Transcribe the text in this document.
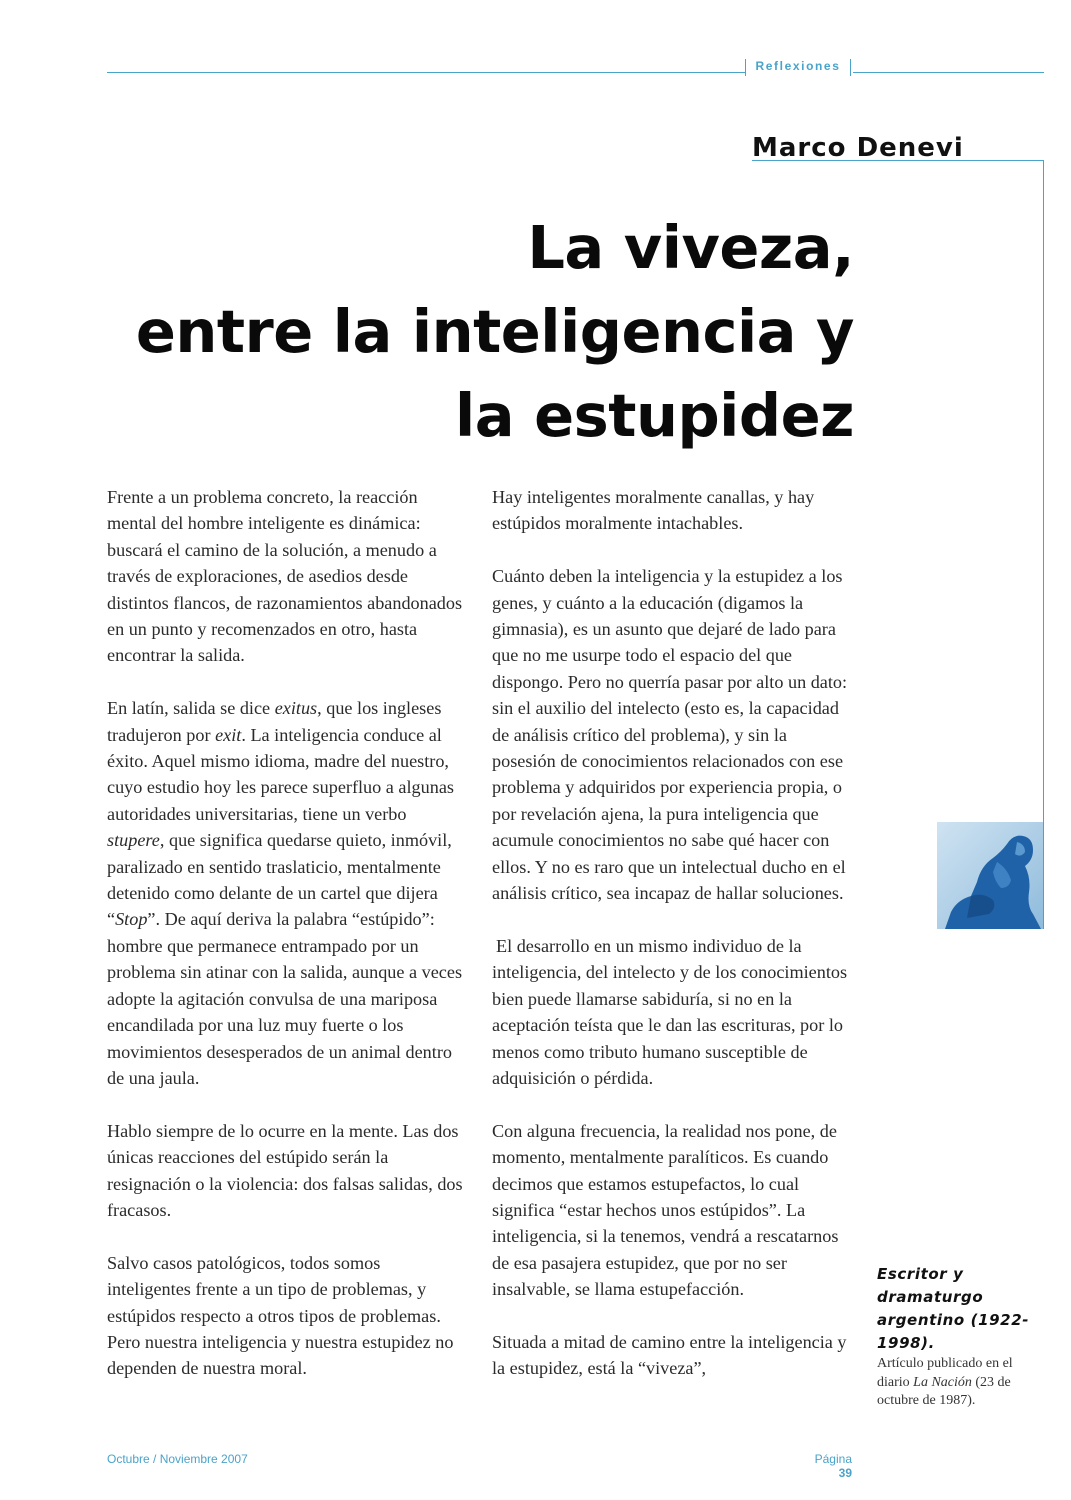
Reflexiones
Marco Denevi
La viveza,
entre la inteligencia y
la estupidez

Frente a un problema concreto, la reacción mental del hombre inteligente es dinámica: buscará el camino de la solución, a menudo a través de exploraciones, de asedios desde distintos flancos, de razonamientos abandonados en un punto y recomenzados en otro, hasta encontrar la salida.

En latín, salida se dice exitus, que los ingleses tradujeron por exit. La inteligencia conduce al éxito. Aquel mismo idioma, madre del nuestro, cuyo estudio hoy les parece superfluo a algunas autoridades universitarias, tiene un verbo stupere, que significa quedarse quieto, inmóvil, paralizado en sentido traslaticio, mentalmente detenido como delante de un cartel que dijera “Stop”. De aquí deriva la palabra “estúpido”: hombre que permanece entrampado por un problema sin atinar con la salida, aunque a veces adopte la agitación convulsa de una mariposa encandilada por una luz muy fuerte o los movimientos desesperados de un animal dentro de una jaula.

Hablo siempre de lo ocurre en la mente. Las dos únicas reacciones del estúpido serán la resignación o la violencia: dos falsas salidas, dos fracasos.

Salvo casos patológicos, todos somos inteligentes frente a un tipo de problemas, y estúpidos respecto a otros tipos de problemas. Pero nuestra inteligencia y nuestra estupidez no dependen de nuestra moral.

Hay inteligentes moralmente canallas, y hay estúpidos moralmente intachables.

Cuánto deben la inteligencia y la estupidez a los genes, y cuánto a la educación (digamos la gimnasia), es un asunto que dejaré de lado para que no me usurpe todo el espacio del que dispongo. Pero no querría pasar por alto un dato: sin el auxilio del intelecto (esto es, la capacidad de análisis crítico del problema), y sin la posesión de conocimientos relacionados con ese problema y adquiridos por experiencia propia, o por revelación ajena, la pura inteligencia que acumule conocimientos no sabe qué hacer con ellos. Y no es raro que un intelectual ducho en el análisis crítico, sea incapaz de hallar soluciones.

El desarrollo en un mismo individuo de la inteligencia, del intelecto y de los conocimientos bien puede llamarse sabiduría, si no en la aceptación teísta que le dan las escrituras, por lo menos como tributo humano susceptible de adquisición o pérdida.

Con alguna frecuencia, la realidad nos pone, de momento, mentalmente paralíticos. Es cuando decimos que estamos estupefactos, lo cual significa “estar hechos unos estúpidos”. La inteligencia, si la tenemos, vendrá a rescatarnos de esa pasajera estupidez, que por no ser insalvable, se llama estupefacción.

Situada a mitad de camino entre la inteligencia y la estupidez, está la “viveza”,

Escritor y dramaturgo argentino (1922-1998).
Artículo publicado en el diario La Nación (23 de octubre de 1987).
Octubre / Noviembre 2007	Página 39
